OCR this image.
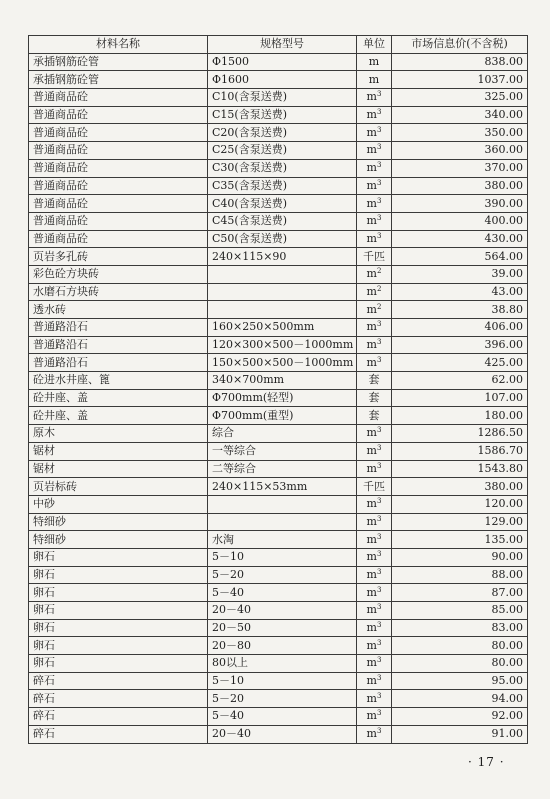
材料名称	规格型号	单位	市场信息价(不含税)
承插钢筋砼管	Φ1500	m	838.00
承插钢筋砼管	Φ1600	m	1037.00
普通商品砼	C10(含泵送费)	$m^3$	325.00
普通商品砼	C15(含泵送费)	$m^3$	340.00
普通商品砼	C20(含泵送费)	$m^3$	350.00
普通商品砼	C25(含泵送费)	$m^3$	360.00
普通商品砼	C30(含泵送费)	$m^3$	370.00
普通商品砼	C35(含泵送费)	$m^3$	380.00
普通商品砼	C40(含泵送费)	$m^3$	390.00
普通商品砼	C45(含泵送费)	$m^3$	400.00
普通商品砼	C50(含泵送费)	$m^3$	430.00
页岩多孔砖	240×115×90	千匹	564.00
彩色砼方块砖		$m^2$	39.00
水磨石方块砖		$m^2$	43.00
透水砖		$m^2$	38.80
普通路沿石	160×250×500mm	$m^3$	406.00
普通路沿石	120×300×500－1000mm	$m^3$	396.00
普通路沿石	150×500×500－1000mm	$m^3$	425.00
砼进水井座、篦	340×700mm	套	62.00
砼井座、盖	Φ700mm(轻型)	套	107.00
砼井座、盖	Φ700mm(重型)	套	180.00
原木	综合	$m^3$	1286.50
锯材	一等综合	$m^3$	1586.70
锯材	二等综合	$m^3$	1543.80
页岩标砖	240×115×53mm	千匹	380.00
中砂		$m^3$	120.00
特细砂		$m^3$	129.00
特细砂	水淘	$m^3$	135.00
卵石	5－10	$m^3$	90.00
卵石	5－20	$m^3$	88.00
卵石	5－40	$m^3$	87.00
卵石	20－40	$m^3$	85.00
卵石	20－50	$m^3$	83.00
卵石	20－80	$m^3$	80.00
卵石	80以上	$m^3$	80.00
碎石	5－10	$m^3$	95.00
碎石	5－20	$m^3$	94.00
碎石	5－40	$m^3$	92.00
碎石	20－40	$m^3$	91.00
· 17 ·
